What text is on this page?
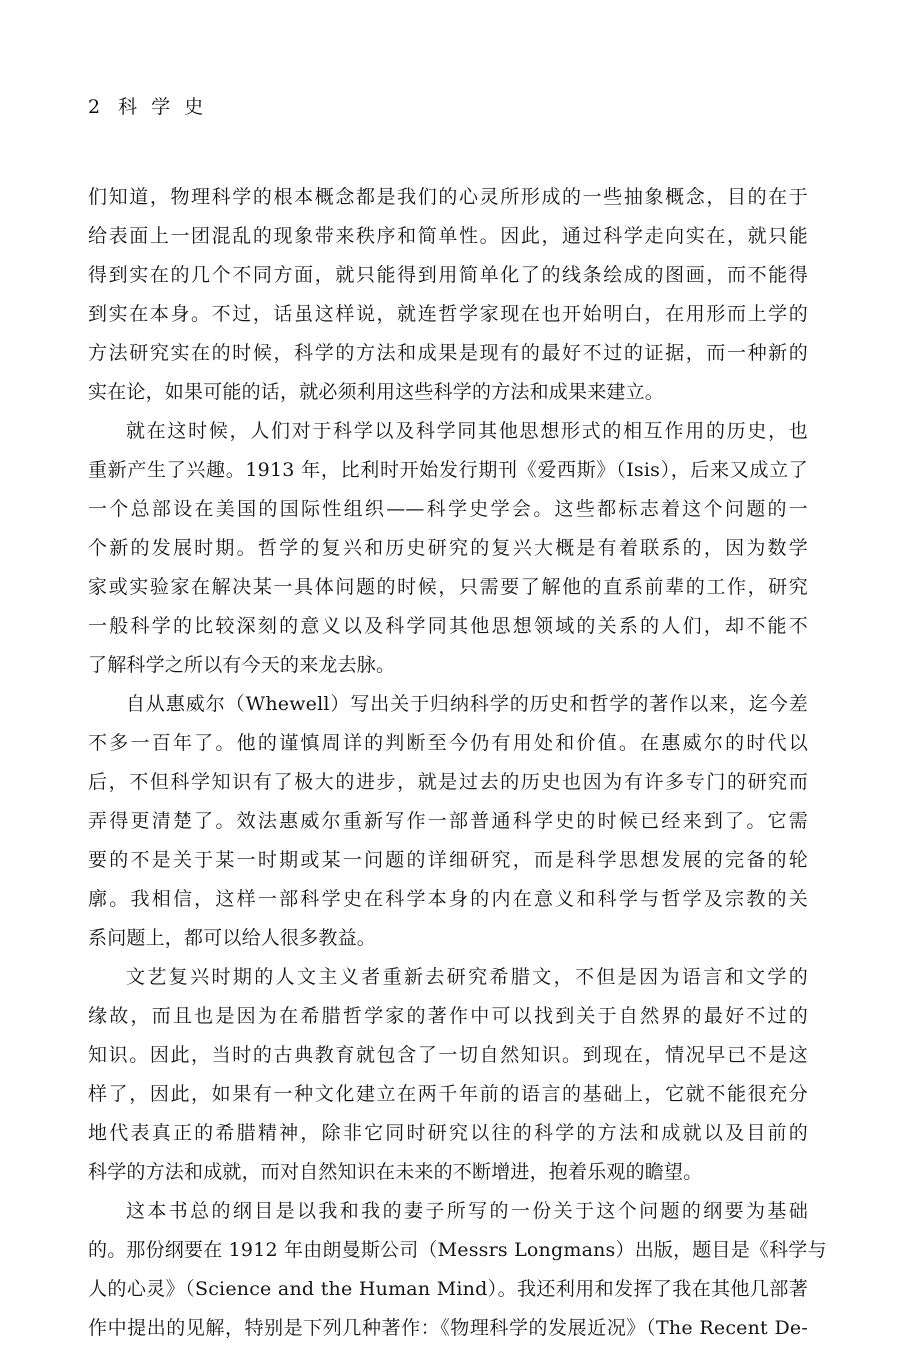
2 科 学 史
们知道，物理科学的根本概念都是我们的心灵所形成的一些抽象概念，目的在于
给表面上一团混乱的现象带来秩序和简单性。因此，通过科学走向实在，就只能
得到实在的几个不同方面，就只能得到用简单化了的线条绘成的图画，而不能得
到实在本身。不过，话虽这样说，就连哲学家现在也开始明白，在用形而上学的
方法研究实在的时候，科学的方法和成果是现有的最好不过的证据，而一种新的
实在论，如果可能的话，就必须利用这些科学的方法和成果来建立。
就在这时候，人们对于科学以及科学同其他思想形式的相互作用的历史，也
重新产生了兴趣。1913 年，比利时开始发行期刊《爱西斯》（Isis），后来又成立了
一个总部设在美国的国际性组织——科学史学会。这些都标志着这个问题的一
个新的发展时期。哲学的复兴和历史研究的复兴大概是有着联系的，因为数学
家或实验家在解决某一具体问题的时候，只需要了解他的直系前辈的工作，研究
一般科学的比较深刻的意义以及科学同其他思想领域的关系的人们，却不能不
了解科学之所以有今天的来龙去脉。
自从惠威尔（Whewell）写出关于归纳科学的历史和哲学的著作以来，迄今差
不多一百年了。他的谨慎周详的判断至今仍有用处和价值。在惠威尔的时代以
后，不但科学知识有了极大的进步，就是过去的历史也因为有许多专门的研究而
弄得更清楚了。效法惠威尔重新写作一部普通科学史的时候已经来到了。它需
要的不是关于某一时期或某一问题的详细研究，而是科学思想发展的完备的轮
廓。我相信，这样一部科学史在科学本身的内在意义和科学与哲学及宗教的关
系问题上，都可以给人很多教益。
文艺复兴时期的人文主义者重新去研究希腊文，不但是因为语言和文学的
缘故，而且也是因为在希腊哲学家的著作中可以找到关于自然界的最好不过的
知识。因此，当时的古典教育就包含了一切自然知识。到现在，情况早已不是这
样了，因此，如果有一种文化建立在两千年前的语言的基础上，它就不能很充分
地代表真正的希腊精神，除非它同时研究以往的科学的方法和成就以及目前的
科学的方法和成就，而对自然知识在未来的不断增进，抱着乐观的瞻望。
这本书总的纲目是以我和我的妻子所写的一份关于这个问题的纲要为基础
的。那份纲要在 1912 年由朗曼斯公司（Messrs Longmans）出版，题目是《科学与
人的心灵》（Science and the Human Mind）。我还利用和发挥了我在其他几部著
作中提出的见解，特别是下列几种著作：《物理科学的发展近况》（The Recent De-
